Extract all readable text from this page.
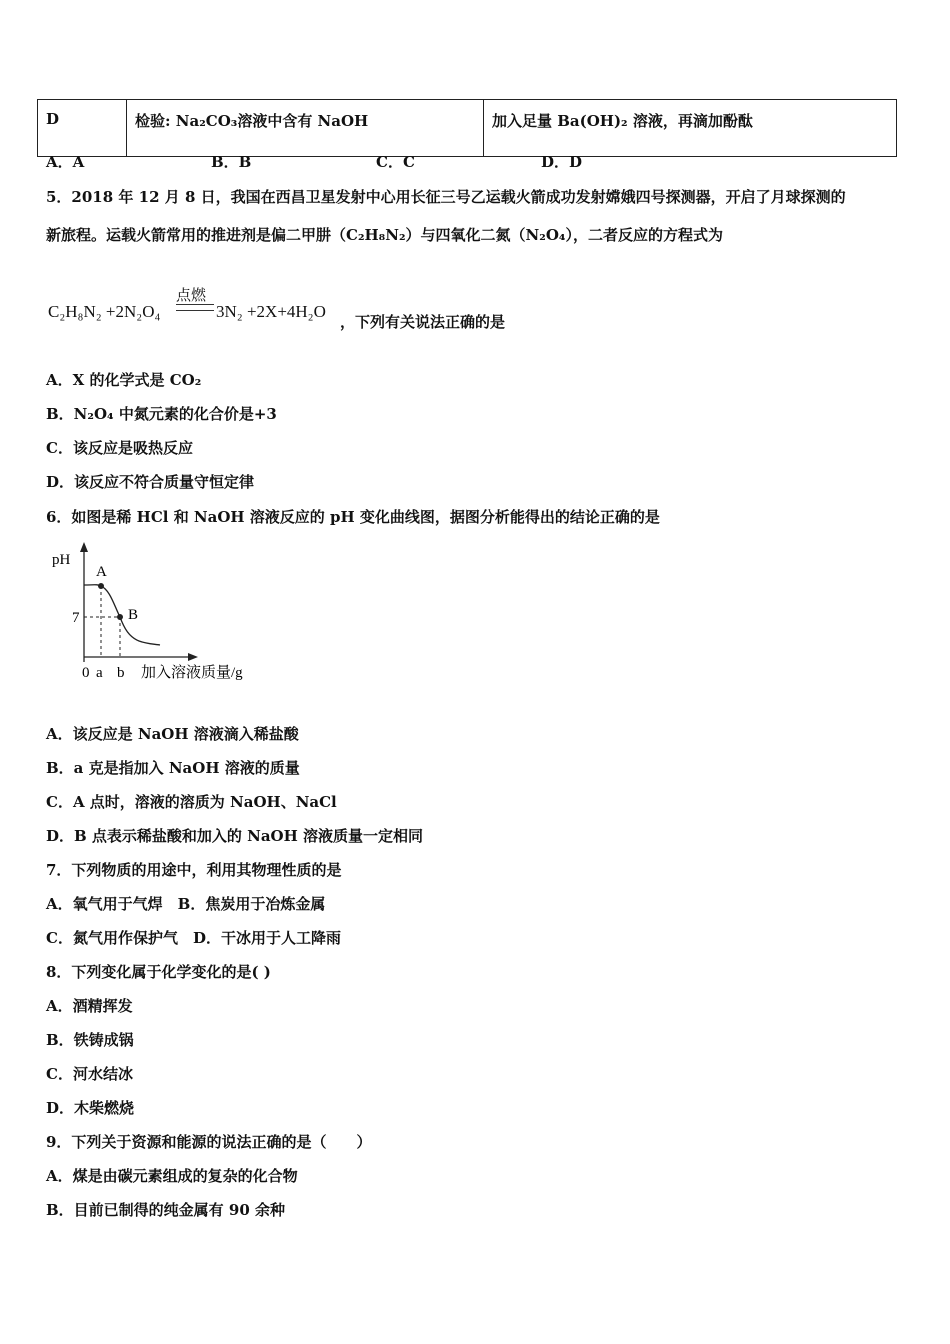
D	检验: Na₂CO₃溶液中含有 NaOH	加入足量 Ba(OH)₂ 溶液，再滴加酚酞
A．A	B．B	C．C	D．D
5．2018 年 12 月 8 日，我国在西昌卫星发射中心用长征三号乙运载火箭成功发射嫦娥四号探测器，开启了月球探测的
新旅程。运载火箭常用的推进剂是偏二甲肼（C₂H₈N₂）与四氧化二氮（N₂O₄），二者反应的方程式为
C₂H₈N₂ +2N₂O₄
点燃
3N₂ +2X+4H₂O
，下列有关说法正确的是
A．X 的化学式是 CO₂
B．N₂O₄ 中氮元素的化合价是+3
C．该反应是吸热反应
D．该反应不符合质量守恒定律
6．如图是稀 HCl 和 NaOH 溶液反应的 pH 变化曲线图，据图分析能得出的结论正确的是
pH
A
B
7
0 a b 加入溶液质量/g
A．该反应是 NaOH 溶液滴入稀盐酸
B．a 克是指加入 NaOH 溶液的质量
C．A 点时，溶液的溶质为 NaOH、NaCl
D．B 点表示稀盐酸和加入的 NaOH 溶液质量一定相同
7．下列物质的用途中，利用其物理性质的是
A．氧气用于气焊　B．焦炭用于冶炼金属
C．氮气用作保护气　D．干冰用于人工降雨
8．下列变化属于化学变化的是( )
A．酒精挥发
B．铁铸成锅
C．河水结冰
D．木柴燃烧
9．下列关于资源和能源的说法正确的是（　　）
A．煤是由碳元素组成的复杂的化合物
B．目前已制得的纯金属有 90 余种
